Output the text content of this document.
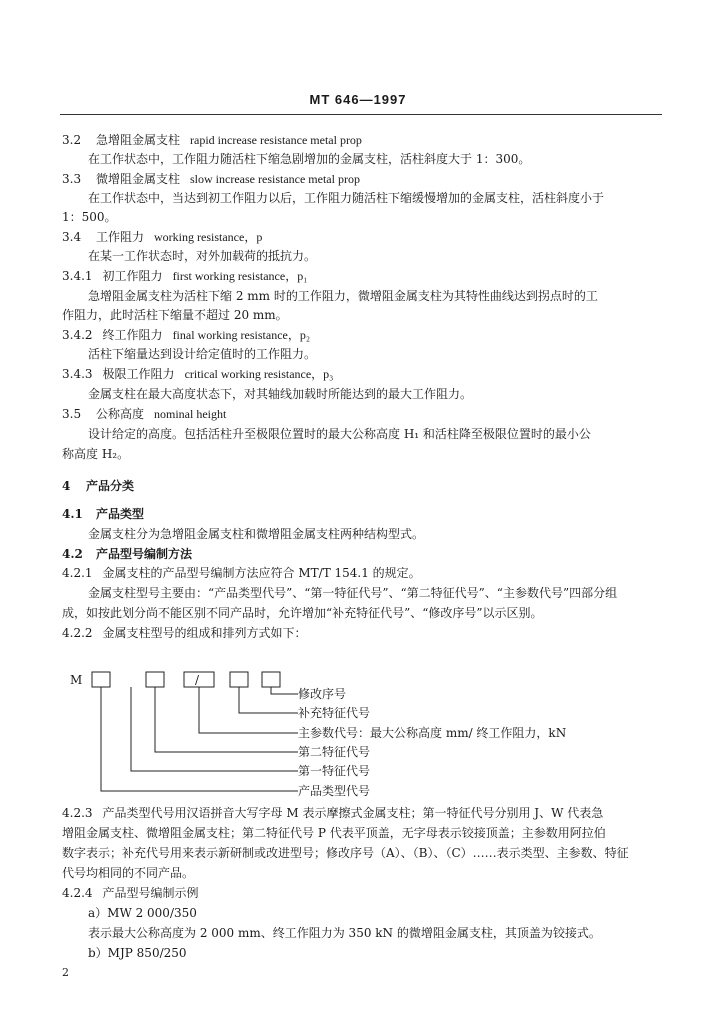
MT 646—1997
3.2 急增阻金属支柱 rapid increase resistance metal prop
在工作状态中，工作阻力随活柱下缩急剧增加的金属支柱，活柱斜度大于 1：300。
3.3 微增阻金属支柱 slow increase resistance metal prop
在工作状态中，当达到初工作阻力以后，工作阻力随活柱下缩缓慢增加的金属支柱，活柱斜度小于
1：500。
3.4 工作阻力 working resistance，p
在某一工作状态时，对外加载荷的抵抗力。
3.4.1 初工作阻力 first working resistance，p₁
急增阻金属支柱为活柱下缩 2 mm 时的工作阻力，微增阻金属支柱为其特性曲线达到拐点时的工
作阻力，此时活柱下缩量不超过 20 mm。
3.4.2 终工作阻力 final working resistance，p₂
活柱下缩量达到设计给定值时的工作阻力。
3.4.3 极限工作阻力 critical working resistance，p₃
金属支柱在最大高度状态下，对其轴线加载时所能达到的最大工作阻力。
3.5 公称高度 nominal height
设计给定的高度。包括活柱升至极限位置时的最大公称高度 H₁ 和活柱降至极限位置时的最小公
称高度 H₂。
4 产品分类
4.1 产品类型
金属支柱分为急增阻金属支柱和微增阻金属支柱两种结构型式。
4.2 产品型号编制方法
4.2.1 金属支柱的产品型号编制方法应符合 MT/T 154.1 的规定。
金属支柱型号主要由：“产品类型代号”、“第一特征代号”、“第二特征代号”、“主参数代号”四部分组
成，如按此划分尚不能区别不同产品时，允许增加“补充特征代号”、“修改序号”以示区别。
4.2.2 金属支柱型号的组成和排列方式如下：
M	/
修改序号
补充特征代号
主参数代号：最大公称高度 mm/ 终工作阻力，kN
第二特征代号
第一特征代号
产品类型代号
4.2.3 产品类型代号用汉语拼音大写字母 M 表示摩擦式金属支柱；第一特征代号分别用 J、W 代表急
增阻金属支柱、微增阻金属支柱；第二特征代号 P 代表平顶盖，无字母表示铰接顶盖；主参数用阿拉伯
数字表示；补充代号用来表示新研制或改进型号；修改序号（A）、（B）、（C）……表示类型、主参数、特征
代号均相同的不同产品。
4.2.4 产品型号编制示例
a）MW 2 000/350
表示最大公称高度为 2 000 mm、终工作阻力为 350 kN 的微增阻金属支柱，其顶盖为铰接式。
b）MJP 850/250
2
